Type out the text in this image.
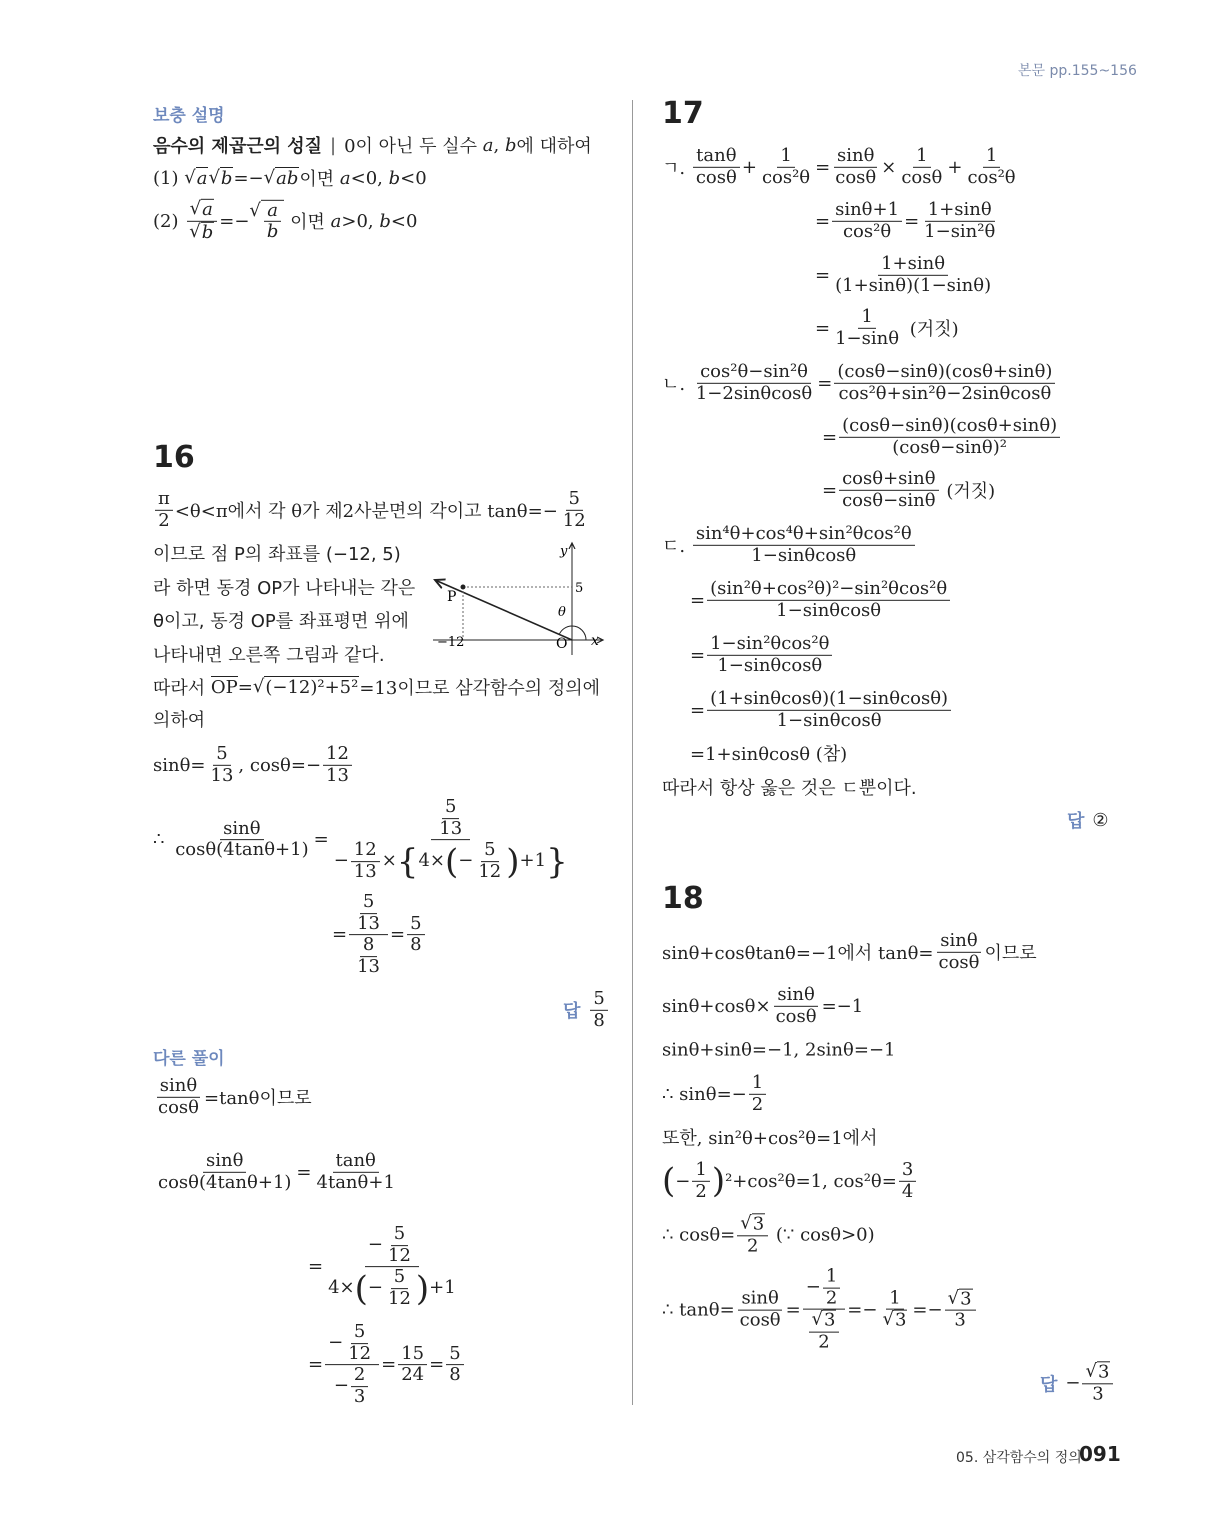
본문 pp.155~156
보충 설명
음수의 제곱근의 성질 | 0이 아닌 두 실수 a , b 에 대하여
(1) √ a √ b =− √ ab 이면 a <0, b <0
$(2) \frac{√ a}{√ b}$ =−
√ $\frac{a}{b}$ 이면 a >0, b <0
16
$\frac{\pi}{2} <\theta<\pi$에서 각 θ가 제2사분면의 각이고 $\tan\theta=- \frac{5}{12}$
이므로 점 P의 좌표를 (−12, 5)
라 하면 동경 OP가 나타내는 각은
θ이고, 동경 OP를 좌표평면 위에
나타내면 오른쪽 그림과 같다.
따라서 OP = √ (−12)²+5² =13이므로 삼각함수의 정의에
의하여
$\sin\theta= \frac{5}{13}$ , $\cos\theta=- \frac{12}{13}$
∴ $\frac{\sin\theta}{\cos\theta(4\tan\theta+1)} = \frac{\frac{5}{13}}{- \frac{12}{13} \times \{ 4\times ( - \frac{5}{12} ) +1 \}}$
= $\frac{\frac{5}{13}}{\frac{8}{13}} = \frac{5}{8}$
답 $\frac{5}{8}$
y
x
5
−12	O
P
θ
다른 풀이
$\frac{\sin\theta}{\cos\theta} =\tan\theta$이므로
$\frac{\sin\theta}{\cos\theta(4\tan\theta+1)} = \frac{\tan\theta}{4\tan\theta+1}$
= $\frac{- \frac{5}{12}}{4\times ( - \frac{5}{12} ) +1}$
= $\frac{- \frac{5}{12}}{- \frac{2}{3}} = \frac{15}{24} = \frac{5}{8}$
17
ㄱ. $\frac{\tan\theta}{\cos\theta} + \frac{1}{\text{cos²θ}} = \frac{\sin\theta}{\cos\theta} \times \frac{1}{\cos\theta} + \frac{1}{\text{cos²θ}}$
= $\frac{\sin\theta+1}{\text{cos²θ}} = \frac{1+\sin\theta}{\text{1−sin²θ}}$
= $\frac{1+\sin\theta}{(1+\sin\theta)(1-\sin\theta)}$
= $\frac{1}{1-\sin\theta}$ (거짓)
ㄴ. $\frac{\text{cos²θ−sin²θ}}{1-2\sin\theta\cos\theta} = \frac{(\cos\theta-\sin\theta)(\cos\theta+\sin\theta)}{\text{cos²θ+sin²θ−2sinθcosθ}}$
= $\frac{(\cos\theta-\sin\theta)(\cos\theta+\sin\theta)}{\text{(cosθ−sinθ)²}}$
= $\frac{\cos\theta+\sin\theta}{\cos\theta-\sin\theta}$ (거짓)
ㄷ. $\frac{\text{sin⁴θ+cos⁴θ+sin²θcos²θ}}{1-\sin\theta\cos\theta}$
= $\frac{\text{(sin²θ+cos²θ)²−sin²θcos²θ}}{1-\sin\theta\cos\theta}$
= $\frac{\text{1−sin²θcos²θ}}{1-\sin\theta\cos\theta}$
= $\frac{(1+\sin\theta\cos\theta)(1-\sin\theta\cos\theta)}{1-\sin\theta\cos\theta}$
=1+sinθcosθ (참)
따라서 항상 옳은 것은 ㄷ뿐이다.
답 ②
18
sinθ+cosθtanθ=−1에서 $\tan\theta= \frac{\sin\theta}{\cos\theta}$ 이므로
$\sin\theta+\cos\theta\times \frac{\sin\theta}{\cos\theta} =-1$
sinθ+sinθ=−1, 2sinθ=−1
∴ $\sin\theta=- \frac{1}{2}$
또한, sin²θ+cos²θ=1에서
( − $\frac{1}{2}$ ) ²+cos²θ=1, $\cos^2\theta= \frac{3}{4}$
∴ $\cos\theta= \frac{√ 3}{2}$ (∵ cosθ>0)
∴ $\tan\theta= \frac{\sin\theta}{\cos\theta} = \frac{- \frac{1}{2}}{\frac{√ 3}{2}} =- \frac{1}{√ 3} =- \frac{√ 3}{3}$
답 − $\frac{√ 3}{3}$
05. 삼각함수의 정의
091
